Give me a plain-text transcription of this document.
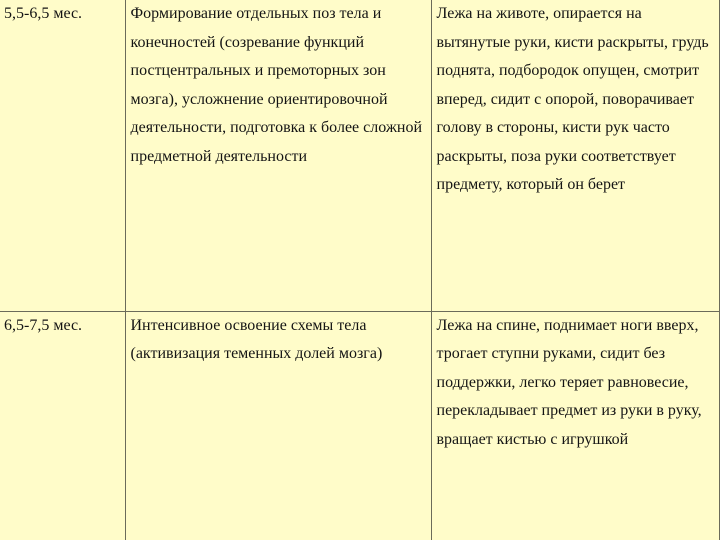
5,5-6,5 мес.	Формирование отдельных поз тела и конечностей (созревание функций постцентральных и премоторных зон мозга), усложнение ориентировочной деятельности, подготовка к более сложной предметной деятельности	Лежа на животе, опирается на вытянутые руки, кисти раскрыты, грудь поднята, подбородок опущен, смотрит вперед, сидит с опорой, поворачивает голову в стороны, кисти рук часто раскрыты, поза руки соответствует предмету, который он берет

6,5-7,5 мес.	Интенсивное освоение схемы тела (активизация теменных долей мозга)	Лежа на спине, поднимает ноги вверх, трогает ступни руками, сидит без поддержки, легко теряет равновесие, перекладывает предмет из руки в руку, вращает кистью с игрушкой
